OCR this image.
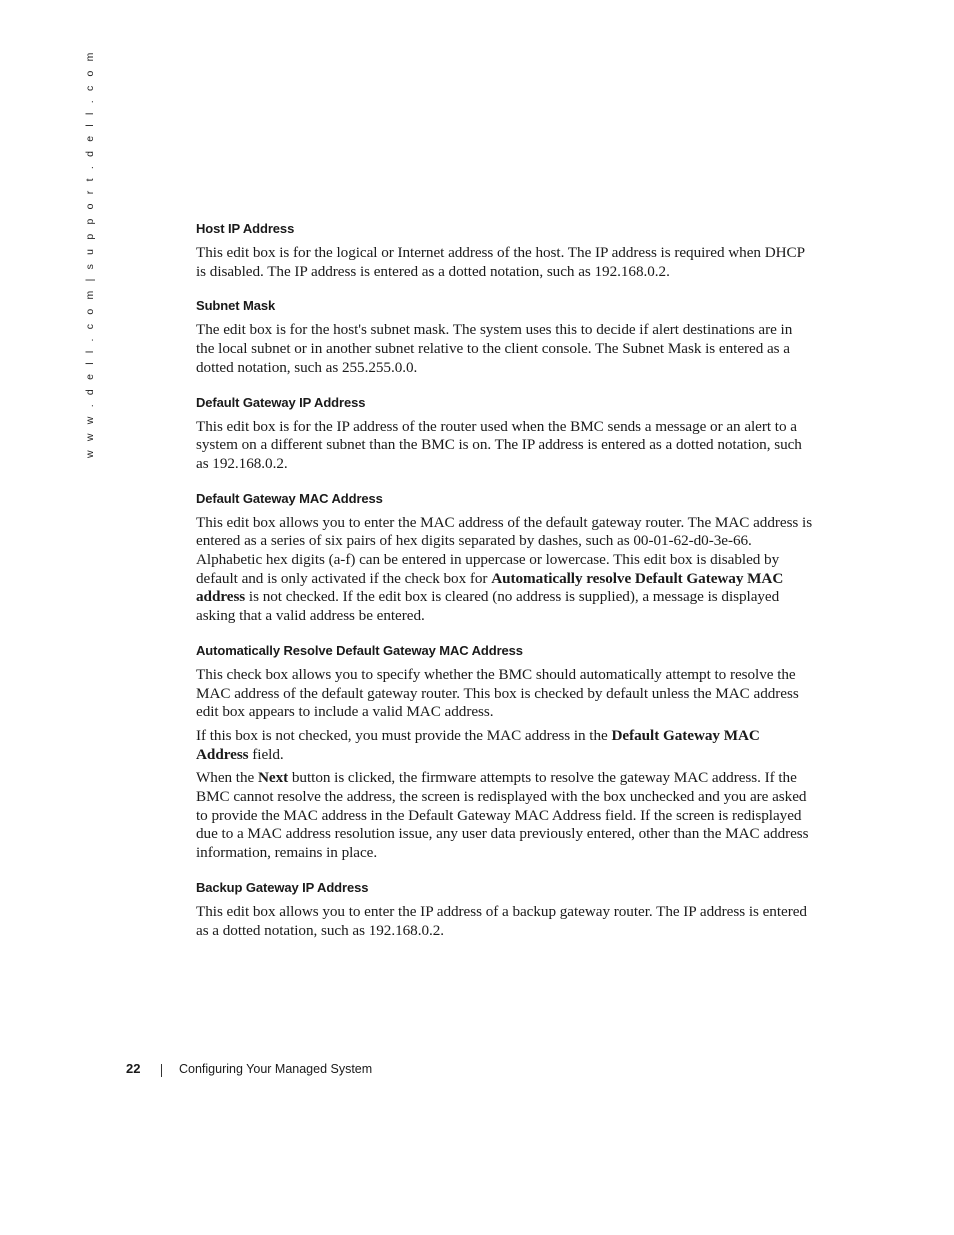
w w w . d e l l . c o m | s u p p o r t . d e l l . c o m	Host IP Address

This edit box is for the logical or Internet address of the host. The IP address is required when DHCP is disabled. The IP address is entered as a dotted notation, such as 192.168.0.2.

Subnet Mask

The edit box is for the host's subnet mask. The system uses this to decide if alert destinations are in the local subnet or in another subnet relative to the client console. The Subnet Mask is entered as a dotted notation, such as 255.255.0.0.

Default Gateway IP Address

This edit box is for the IP address of the router used when the BMC sends a message or an alert to a system on a different subnet than the BMC is on. The IP address is entered as a dotted notation, such as 192.168.0.2.

Default Gateway MAC Address

This edit box allows you to enter the MAC address of the default gateway router. The MAC address is entered as a series of six pairs of hex digits separated by dashes, such as 00-01-62-d0-3e-66. Alphabetic hex digits (a-f) can be entered in uppercase or lowercase. This edit box is disabled by default and is only activated if the check box for Automatically resolve Default Gateway MAC address is not checked. If the edit box is cleared (no address is supplied), a message is displayed asking that a valid address be entered.

Automatically Resolve Default Gateway MAC Address

This check box allows you to specify whether the BMC should automatically attempt to resolve the MAC address of the default gateway router. This box is checked by default unless the MAC address edit box appears to include a valid MAC address.

If this box is not checked, you must provide the MAC address in the Default Gateway MAC Address field.

When the Next button is clicked, the firmware attempts to resolve the gateway MAC address. If the BMC cannot resolve the address, the screen is redisplayed with the box unchecked and you are asked to provide the MAC address in the Default Gateway MAC Address field. If the screen is redisplayed due to a MAC address resolution issue, any user data previously entered, other than the MAC address information, remains in place.

Backup Gateway IP Address

This edit box allows you to enter the IP address of a backup gateway router. The IP address is entered as a dotted notation, such as 192.168.0.2.

22	Configuring Your Managed System
